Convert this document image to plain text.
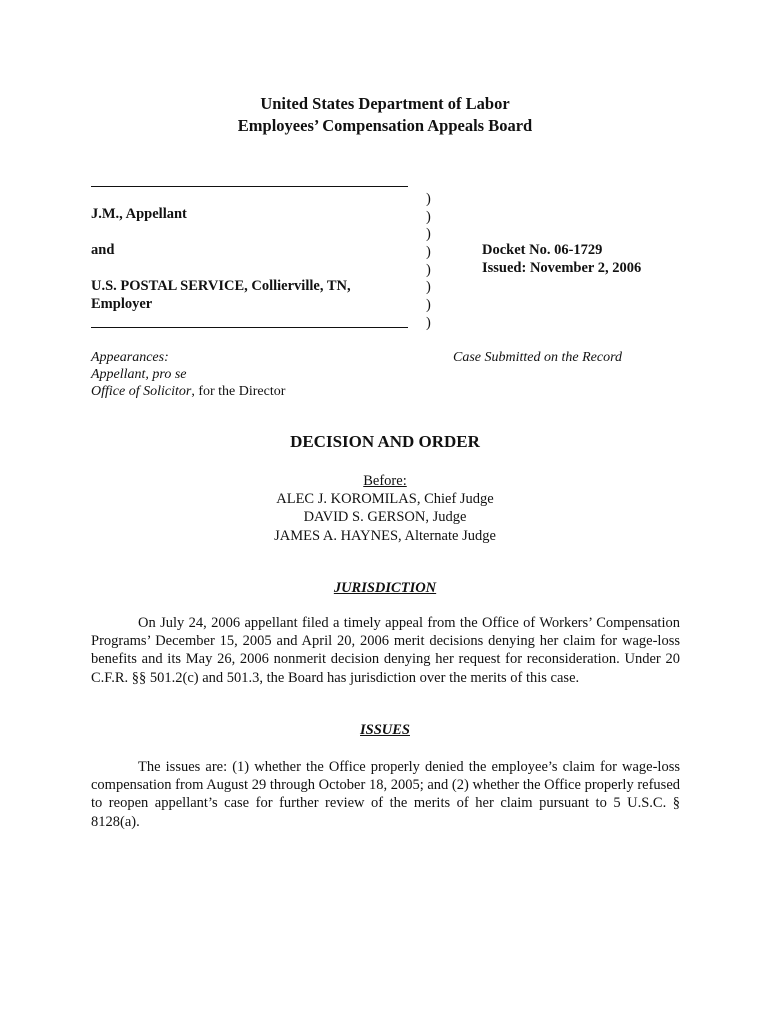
United States Department of Labor
Employees’ Compensation Appeals Board
J.M., Appellant
and
U.S. POSTAL SERVICE, Collierville, TN,
Employer
)
)
)
)
)
)
)
)
Docket No. 06-1729
Issued: November 2, 2006
Appearances:
Appellant, pro se
Office of Solicitor, for the Director
Case Submitted on the Record
DECISION AND ORDER
Before:
ALEC J. KOROMILAS, Chief Judge
DAVID S. GERSON, Judge
JAMES A. HAYNES, Alternate Judge
JURISDICTION

On July 24, 2006 appellant filed a timely appeal from the Office of Workers’ Compensation Programs’ December 15, 2005 and April 20, 2006 merit decisions denying her claim for wage-loss benefits and its May 26, 2006 nonmerit decision denying her request for reconsideration. Under 20 C.F.R. §§ 501.2(c) and 501.3, the Board has jurisdiction over the merits of this case.

ISSUES

The issues are: (1) whether the Office properly denied the employee’s claim for wage-loss compensation from August 29 through October 18, 2005; and (2) whether the Office properly refused to reopen appellant’s case for further review of the merits of her claim pursuant to 5 U.S.C. § 8128(a).
